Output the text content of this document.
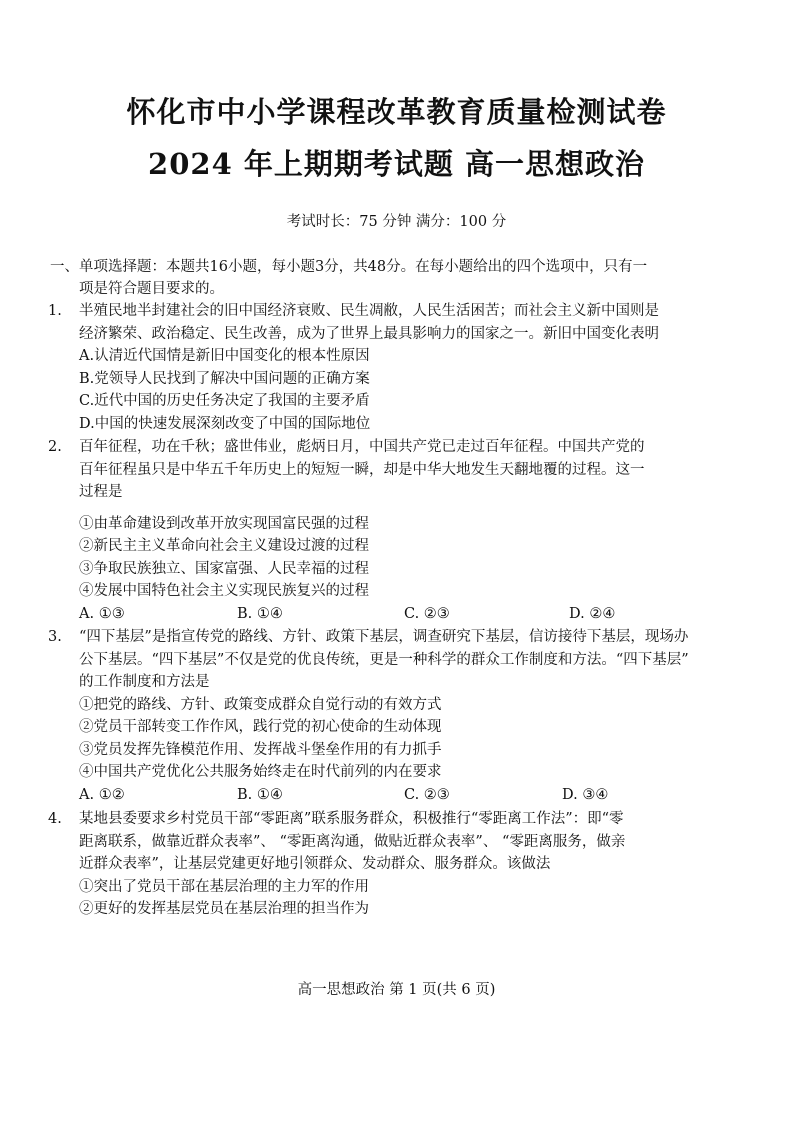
怀化市中小学课程改革教育质量检测试卷
2024 年上期期考试题 高一思想政治
考试时长：75 分钟 满分：100 分
一、单项选择题：本题共16小题，每小题3分，共48分。在每小题给出的四个选项中，只有一
项是符合题目要求的。
1.	半殖民地半封建社会的旧中国经济衰败、民生凋敝，人民生活困苦；而社会主义新中国则是
经济繁荣、政治稳定、民生改善，成为了世界上最具影响力的国家之一。新旧中国变化表明
A.认清近代国情是新旧中国变化的根本性原因
B.党领导人民找到了解决中国问题的正确方案
C.近代中国的历史任务决定了我国的主要矛盾
D.中国的快速发展深刻改变了中国的国际地位
2.	百年征程，功在千秋；盛世伟业，彪炳日月，中国共产党已走过百年征程。中国共产党的
百年征程虽只是中华五千年历史上的短短一瞬，却是中华大地发生天翻地覆的过程。这一
过程是
①由革命建设到改革开放实现国富民强的过程
②新民主主义革命向社会主义建设过渡的过程
③争取民族独立、国家富强、人民幸福的过程
④发展中国特色社会主义实现民族复兴的过程
A. ①③	B. ①④	C. ②③	D. ②④
3.	“四下基层”是指宣传党的路线、方针、政策下基层，调查研究下基层，信访接待下基层，现场办
公下基层。“四下基层”不仅是党的优良传统，更是一种科学的群众工作制度和方法。“四下基层”
的工作制度和方法是
①把党的路线、方针、政策变成群众自觉行动的有效方式
②党员干部转变工作作风，践行党的初心使命的生动体现
③党员发挥先锋模范作用、发挥战斗堡垒作用的有力抓手
④中国共产党优化公共服务始终走在时代前列的内在要求
A. ①②	B. ①④	C. ②③	D. ③④
4.	某地县委要求乡村党员干部“零距离”联系服务群众，积极推行“零距离工作法”：即“零
距离联系，做靠近群众表率”、 “零距离沟通，做贴近群众表率”、 “零距离服务，做亲
近群众表率”，让基层党建更好地引领群众、发动群众、服务群众。该做法
①突出了党员干部在基层治理的主力军的作用
②更好的发挥基层党员在基层治理的担当作为
高一思想政治 第 1 页(共 6 页)
